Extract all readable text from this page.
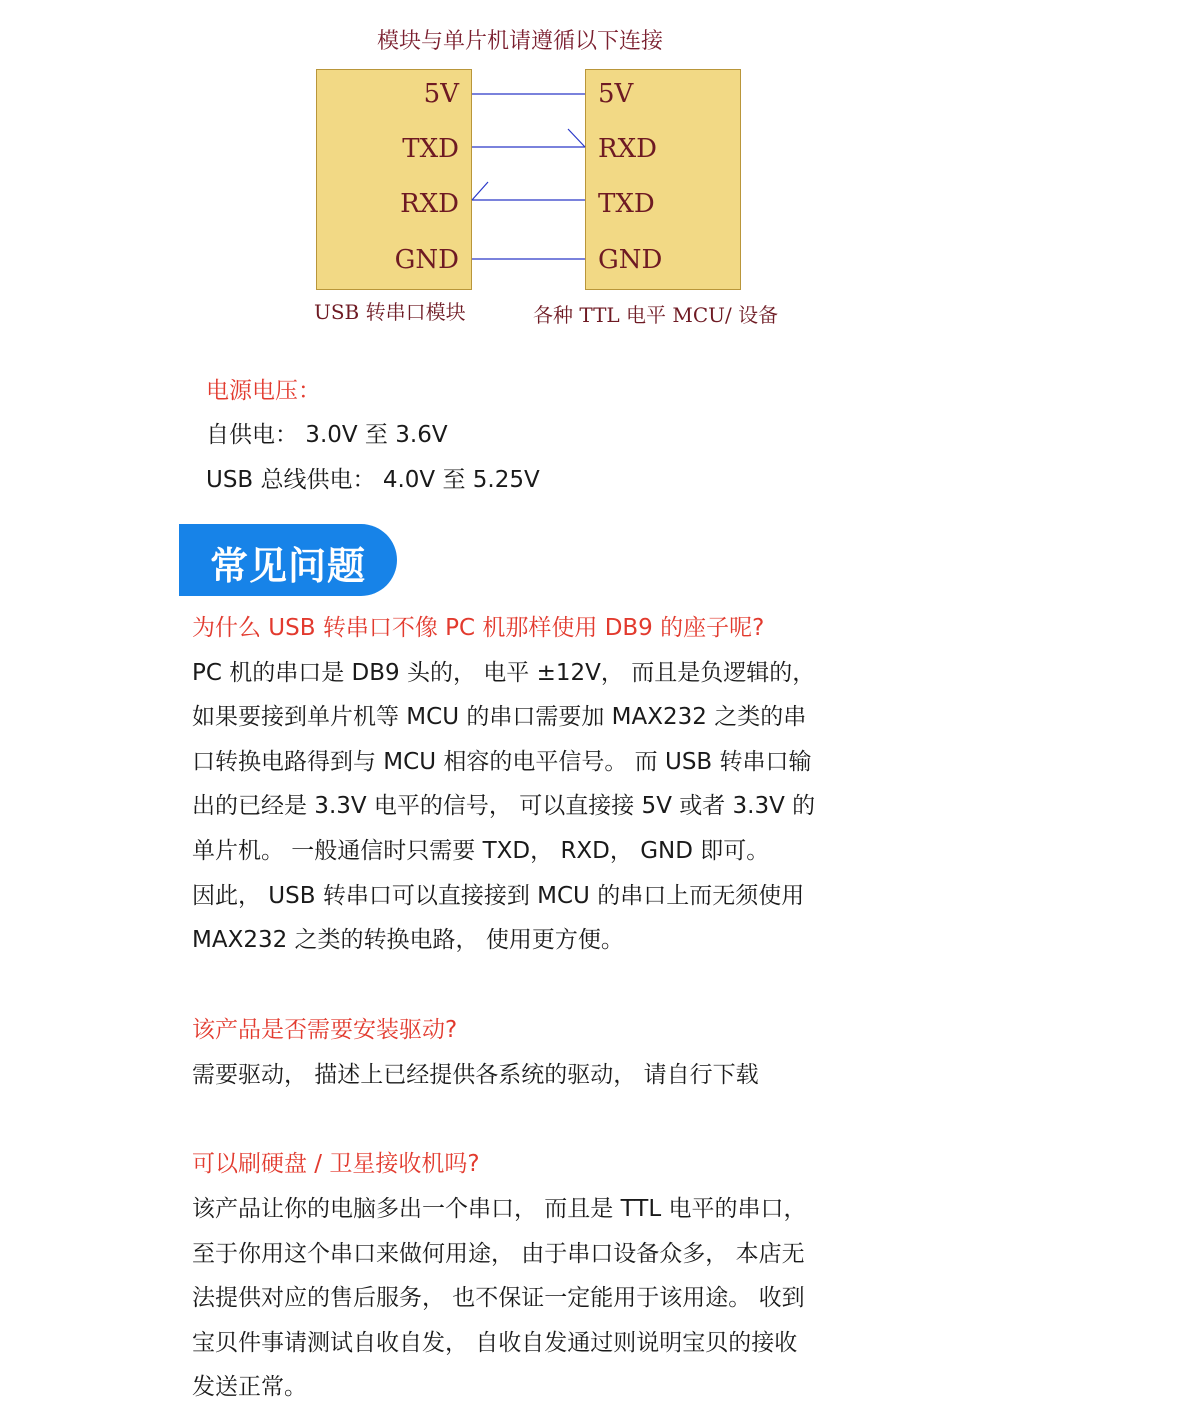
模块与单片机请遵循以下连接
5V
TXD
RXD
GND
5V
RXD
TXD
GND
USB 转串口模块	各种 TTL 电平 MCU/ 设备
电源电压：
自供电： 3.0V 至 3.6V
USB 总线供电： 4.0V 至 5.25V
常见问题
为什么 USB 转串口不像 PC 机那样使用 DB9 的座子呢?
PC 机的串口是 DB9 头的， 电平 ±12V， 而且是负逻辑的，
如果要接到单片机等 MCU 的串口需要加 MAX232 之类的串
口转换电路得到与 MCU 相容的电平信号。 而 USB 转串口输
出的已经是 3.3V 电平的信号， 可以直接接 5V 或者 3.3V 的
单片机。 一般通信时只需要 TXD， RXD， GND 即可。
因此， USB 转串口可以直接接到 MCU 的串口上而无须使用
MAX232 之类的转换电路， 使用更方便。
该产品是否需要安装驱动?
需要驱动， 描述上已经提供各系统的驱动， 请自行下载
可以刷硬盘 / 卫星接收机吗?
该产品让你的电脑多出一个串口， 而且是 TTL 电平的串口，
至于你用这个串口来做何用途， 由于串口设备众多， 本店无
法提供对应的售后服务， 也不保证一定能用于该用途。 收到
宝贝件事请测试自收自发， 自收自发通过则说明宝贝的接收
发送正常。
